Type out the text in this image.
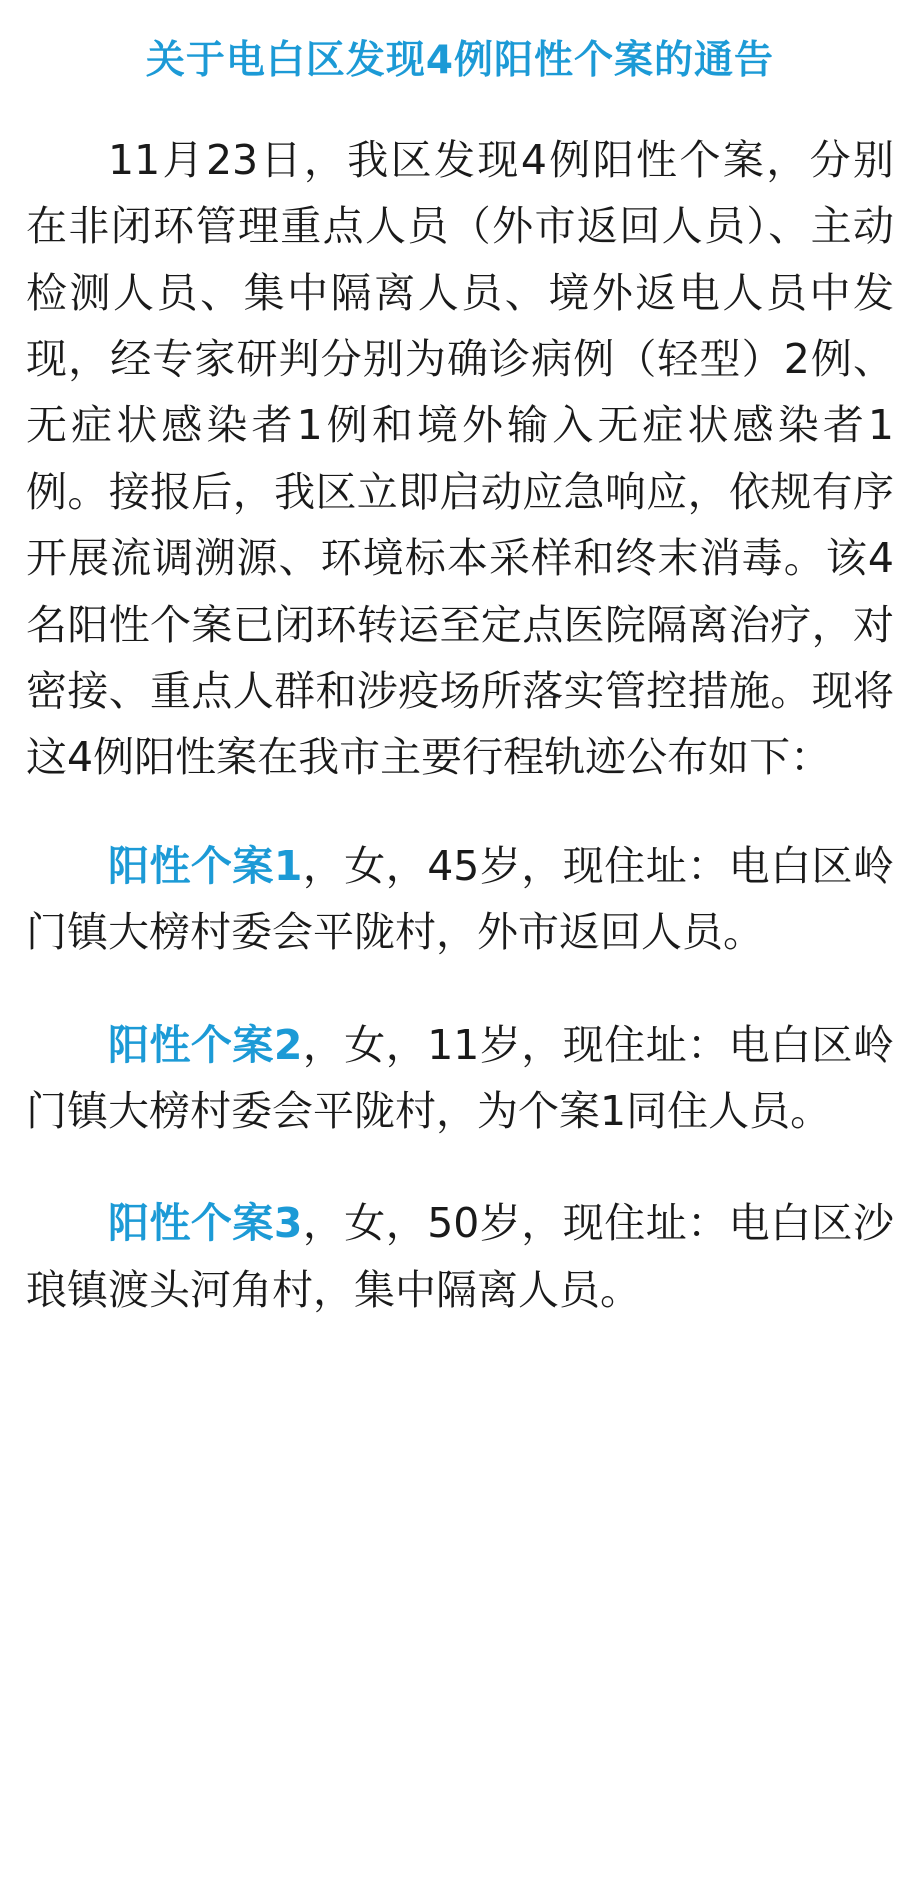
关于电白区发现4例阳性个案的通告

11月23日，我区发现4例阳性个案，分别在非闭环管理重点人员（外市返回人员）、主动检测人员、集中隔离人员、境外返电人员中发现，经专家研判分别为确诊病例（轻型）2例、无症状感染者1例和境外输入无症状感染者1例。接报后，我区立即启动应急响应，依规有序开展流调溯源、环境标本采样和终末消毒。该4名阳性个案已闭环转运至定点医院隔离治疗，对密接、重点人群和涉疫场所落实管控措施。现将这4例阳性案在我市主要行程轨迹公布如下：

阳性个案1，女，45岁，现住址：电白区岭门镇大榜村委会平陇村，外市返回人员。

阳性个案2，女，11岁，现住址：电白区岭门镇大榜村委会平陇村，为个案1同住人员。

阳性个案3，女，50岁，现住址：电白区沙琅镇渡头河角村，集中隔离人员。
